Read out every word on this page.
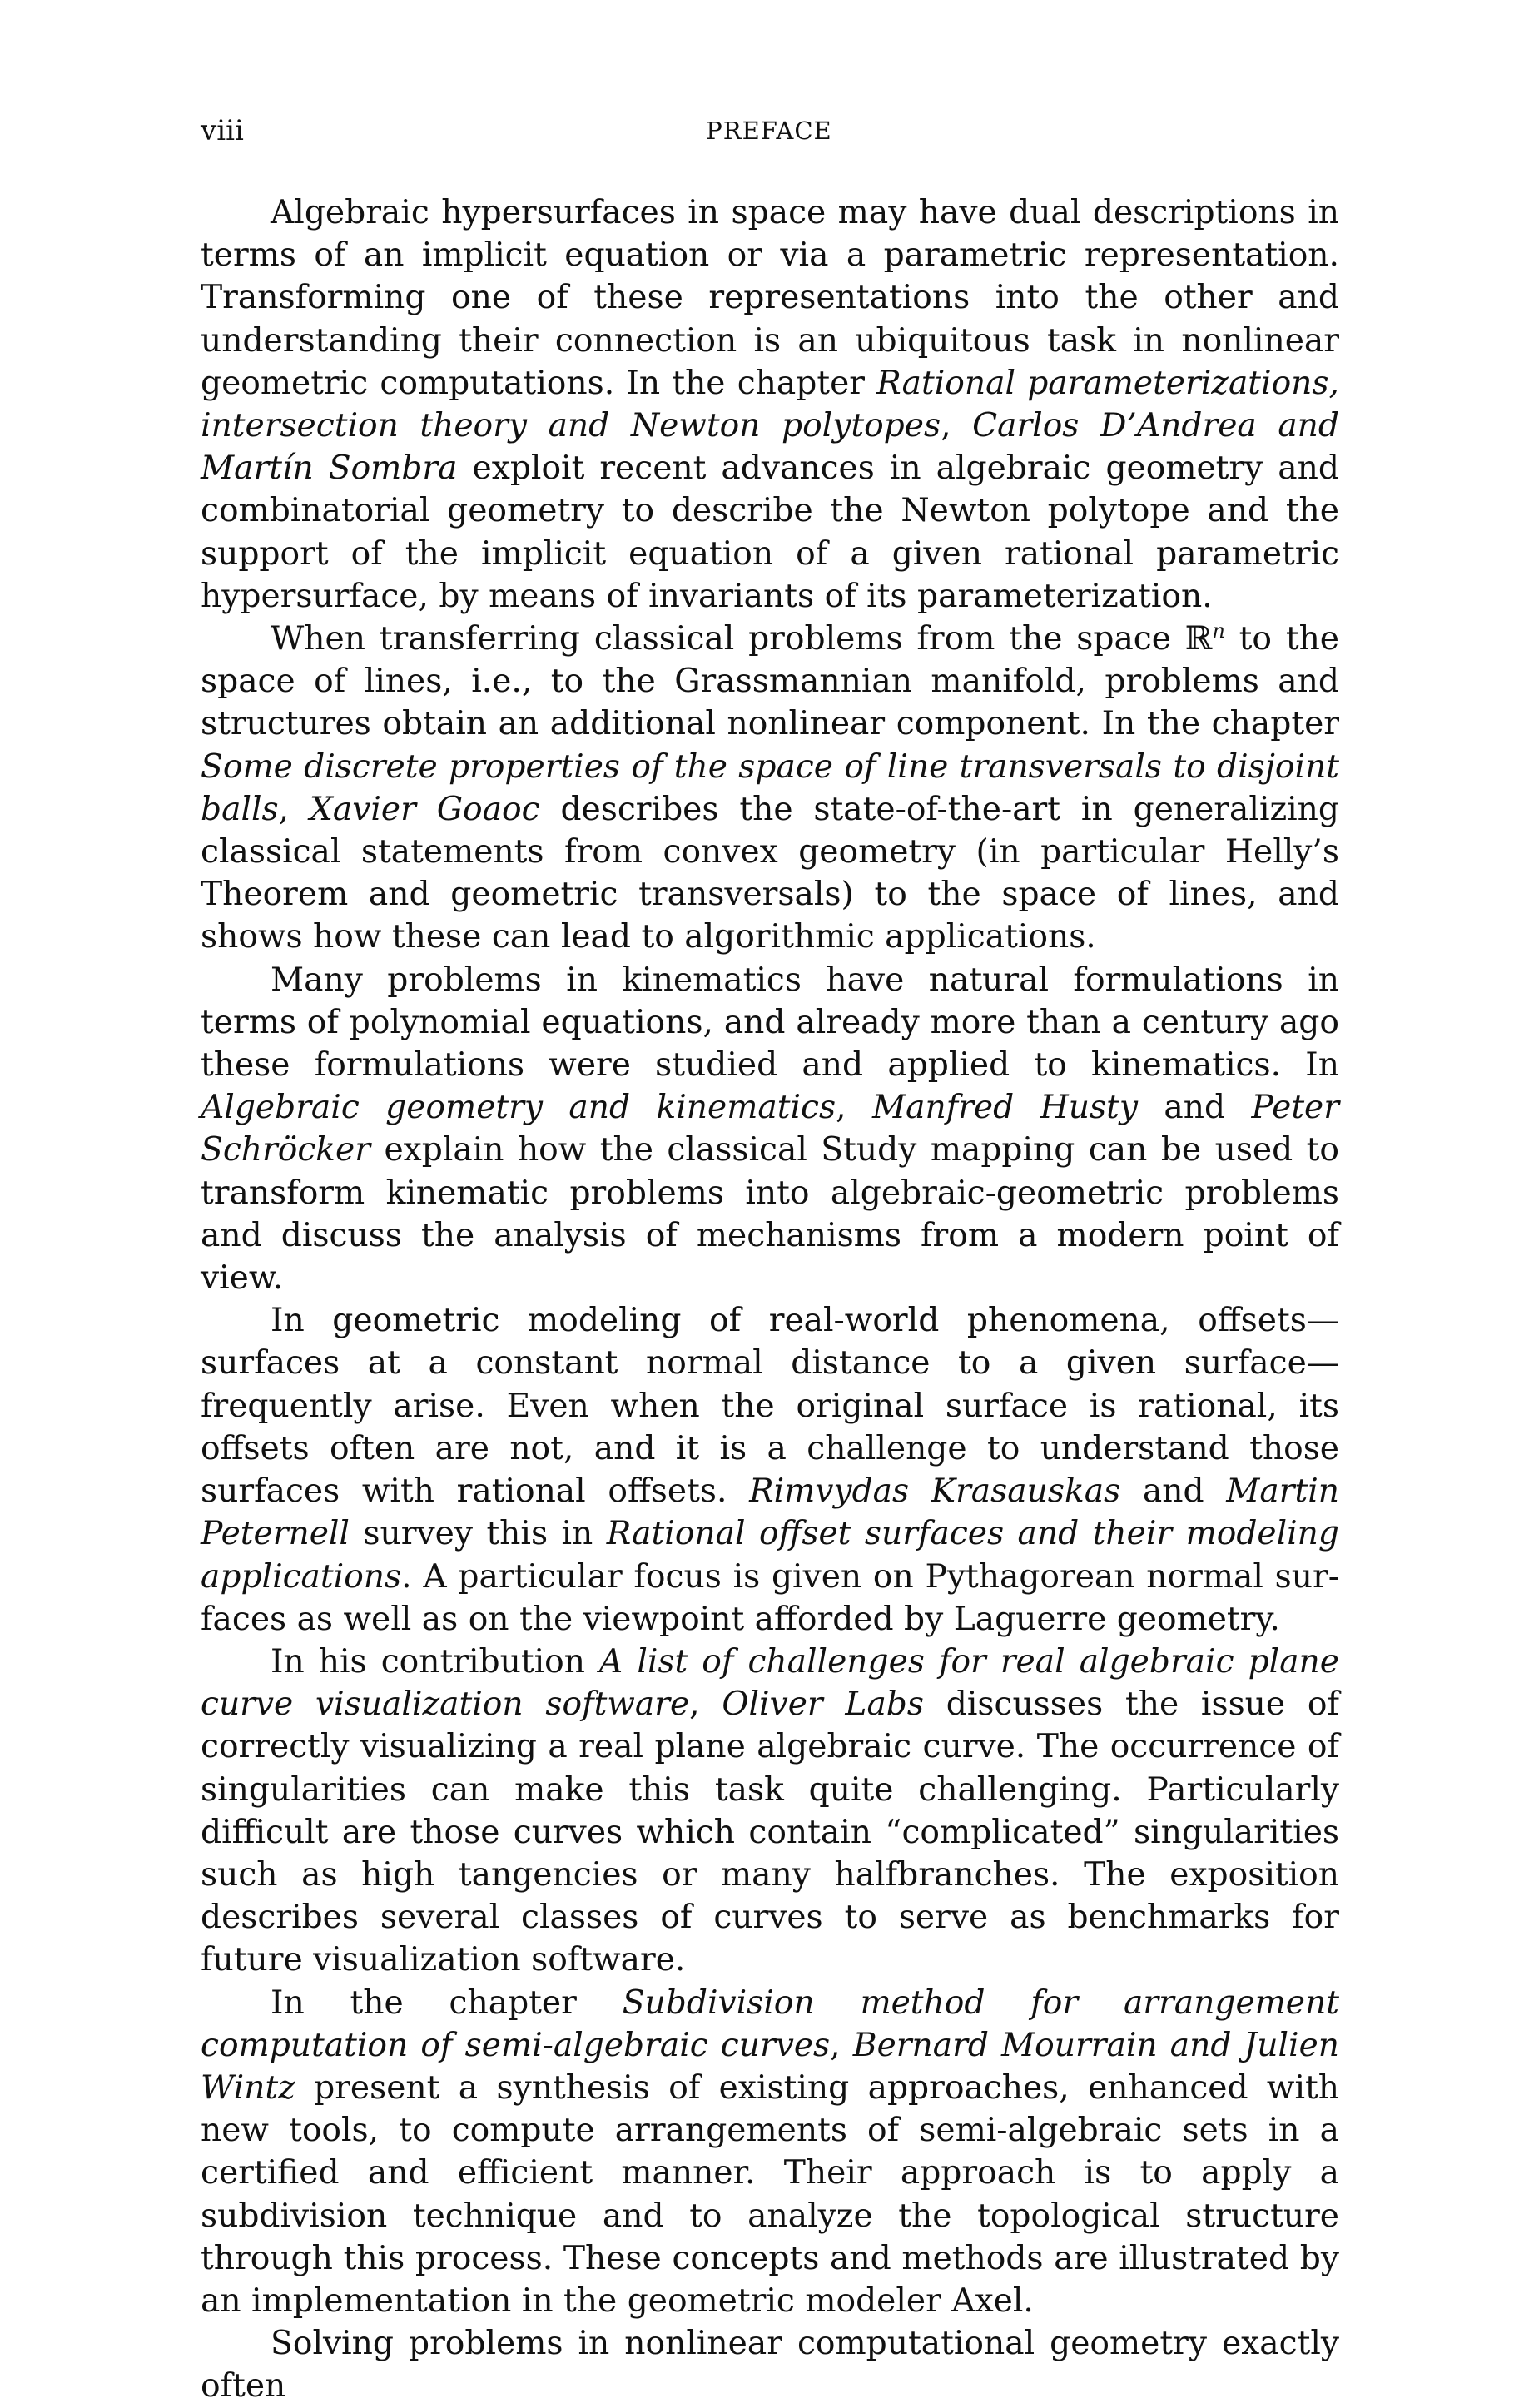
viii	PREFACE

Algebraic hypersurfaces in space may have dual descriptions in terms of an implicit equation or via a parametric representation. Transforming one of these representations into the other and understanding their connection is an ubiquitous task in nonlinear geometric computations. In the chapter Rational parameterizations, intersection theory and Newton polytopes, Carlos D’Andrea and Martín Sombra exploit recent advances in algebraic geometry and combinatorial geometry to describe the Newton polytope and the support of the implicit equation of a given rational parametric hypersurface, by means of invariants of its parameterization.

When transferring classical problems from the space ℝ$^n$ to the space of lines, i.e., to the Grassmannian manifold, problems and structures obtain an additional nonlinear component. In the chapter Some discrete properties of the space of line transversals to disjoint balls, Xavier Goaoc describes the state-of-the-art in generalizing classical statements from convex geometry (in particular Helly’s Theorem and geometric transversals) to the space of lines, and shows how these can lead to algorithmic applications.

Many problems in kinematics have natural formulations in terms of polynomial equations, and already more than a century ago these formulations were studied and applied to kinematics. In Algebraic geometry and kinematics, Manfred Husty and Peter Schröcker explain how the classical Study mapping can be used to transform kinematic problems into algebraic-geometric problems and discuss the analysis of mechanisms from a modern point of view.

In geometric modeling of real-world phenomena, offsets—surfaces at a constant normal distance to a given surface—frequently arise. Even when the original surface is rational, its offsets often are not, and it is a challenge to understand those surfaces with rational offsets. Rimvydas Krasauskas and Martin Peternell survey this in Rational offset surfaces and their modeling applications. A particular focus is given on Pythagorean normal surfaces as well as on the viewpoint afforded by Laguerre geometry.

In his contribution A list of challenges for real algebraic plane curve visualization software, Oliver Labs discusses the issue of correctly visualizing a real plane algebraic curve. The occurrence of singularities can make this task quite challenging. Particularly difficult are those curves which contain “complicated” singularities such as high tangencies or many halfbranches. The exposition describes several classes of curves to serve as benchmarks for future visualization software.

In the chapter Subdivision method for arrangement computation of semi-algebraic curves, Bernard Mourrain and Julien Wintz present a synthesis of existing approaches, enhanced with new tools, to compute arrangements of semi-algebraic sets in a certified and efficient manner. Their approach is to apply a subdivision technique and to analyze the topological structure through this process. These concepts and methods are illustrated by an implementation in the geometric modeler Axel.

Solving problems in nonlinear computational geometry exactly often
